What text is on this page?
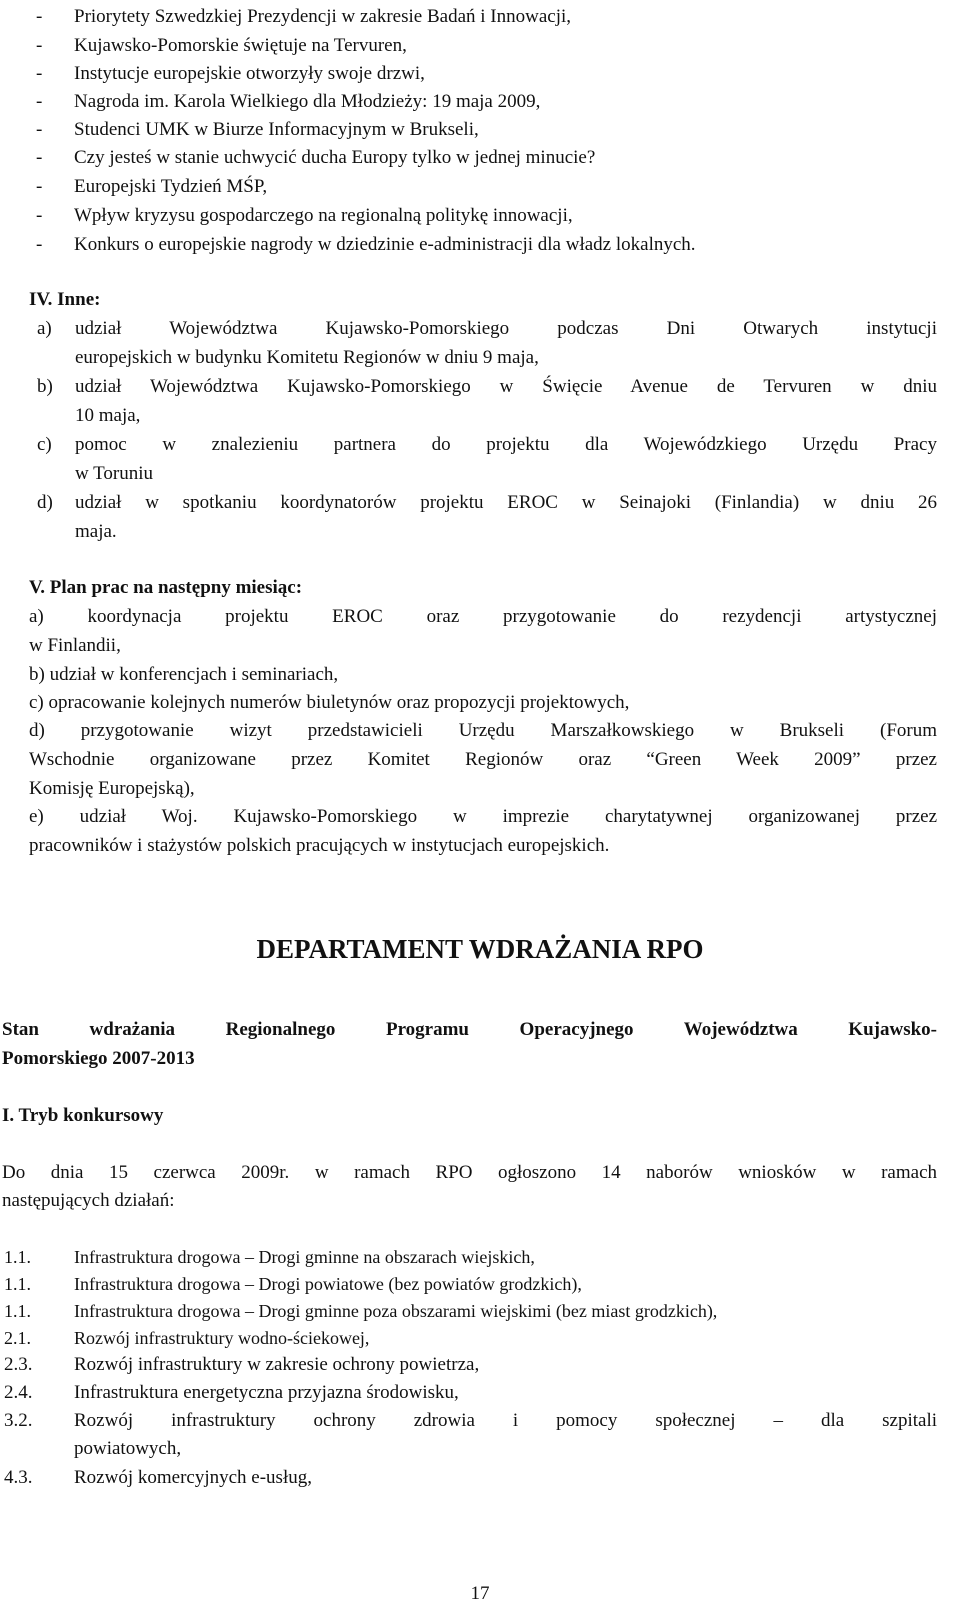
- Priorytety Szwedzkiej Prezydencji w zakresie Badań i Innowacji,
- Kujawsko-Pomorskie świętuje na Tervuren,
- Instytucje europejskie otworzyły swoje drzwi,
- Nagroda im. Karola Wielkiego dla Młodzieży: 19 maja 2009,
- Studenci UMK w Biurze Informacyjnym w Brukseli,
- Czy jesteś w stanie uchwycić ducha Europy tylko w jednej minucie?
- Europejski Tydzień MŚP,
- Wpływ kryzysu gospodarczego na regionalną politykę innowacji,
- Konkurs o europejskie nagrody w dziedzinie e-administracji dla władz lokalnych.
IV. Inne:
a) udział Województwa Kujawsko-Pomorskiego podczas Dni Otwarych instytucji
europejskich w budynku Komitetu Regionów w dniu 9 maja,
b) udział Województwa Kujawsko-Pomorskiego w Święcie Avenue de Tervuren w dniu
10 maja,
c) pomoc w znalezieniu partnera do projektu dla Wojewódzkiego Urzędu Pracy
w Toruniu
d) udział w spotkaniu koordynatorów projektu EROC w Seinajoki (Finlandia) w dniu 26
maja.
V. Plan prac na następny miesiąc:
a) koordynacja projektu EROC oraz przygotowanie do rezydencji artystycznej
w Finlandii,
b) udział w konferencjach i seminariach,
c) opracowanie kolejnych numerów biuletynów oraz propozycji projektowych,
d) przygotowanie wizyt przedstawicieli Urzędu Marszałkowskiego w Brukseli (Forum
Wschodnie organizowane przez Komitet Regionów oraz “Green Week 2009” przez
Komisję Europejską),
e) udział Woj. Kujawsko-Pomorskiego w imprezie charytatywnej organizowanej przez
pracowników i stażystów polskich pracujących w instytucjach europejskich.
DEPARTAMENT WDRAŻANIA RPO
Stan wdrażania Regionalnego Programu Operacyjnego Województwa Kujawsko-
Pomorskiego 2007-2013
I. Tryb konkursowy
Do dnia 15 czerwca 2009r. w ramach RPO ogłoszono 14 naborów wniosków w ramach
następujących działań:
1.1.	Infrastruktura drogowa – Drogi gminne na obszarach wiejskich,
1.1.	Infrastruktura drogowa – Drogi powiatowe (bez powiatów grodzkich),
1.1.	Infrastruktura drogowa – Drogi gminne poza obszarami wiejskimi (bez miast grodzkich),
2.1.	Rozwój infrastruktury wodno-ściekowej,
2.3.	Rozwój infrastruktury w zakresie ochrony powietrza,
2.4.	Infrastruktura energetyczna przyjazna środowisku,
3.2.	Rozwój infrastruktury ochrony zdrowia i pomocy społecznej – dla szpitali
powiatowych,
4.3.	Rozwój komercyjnych e-usług,
17
